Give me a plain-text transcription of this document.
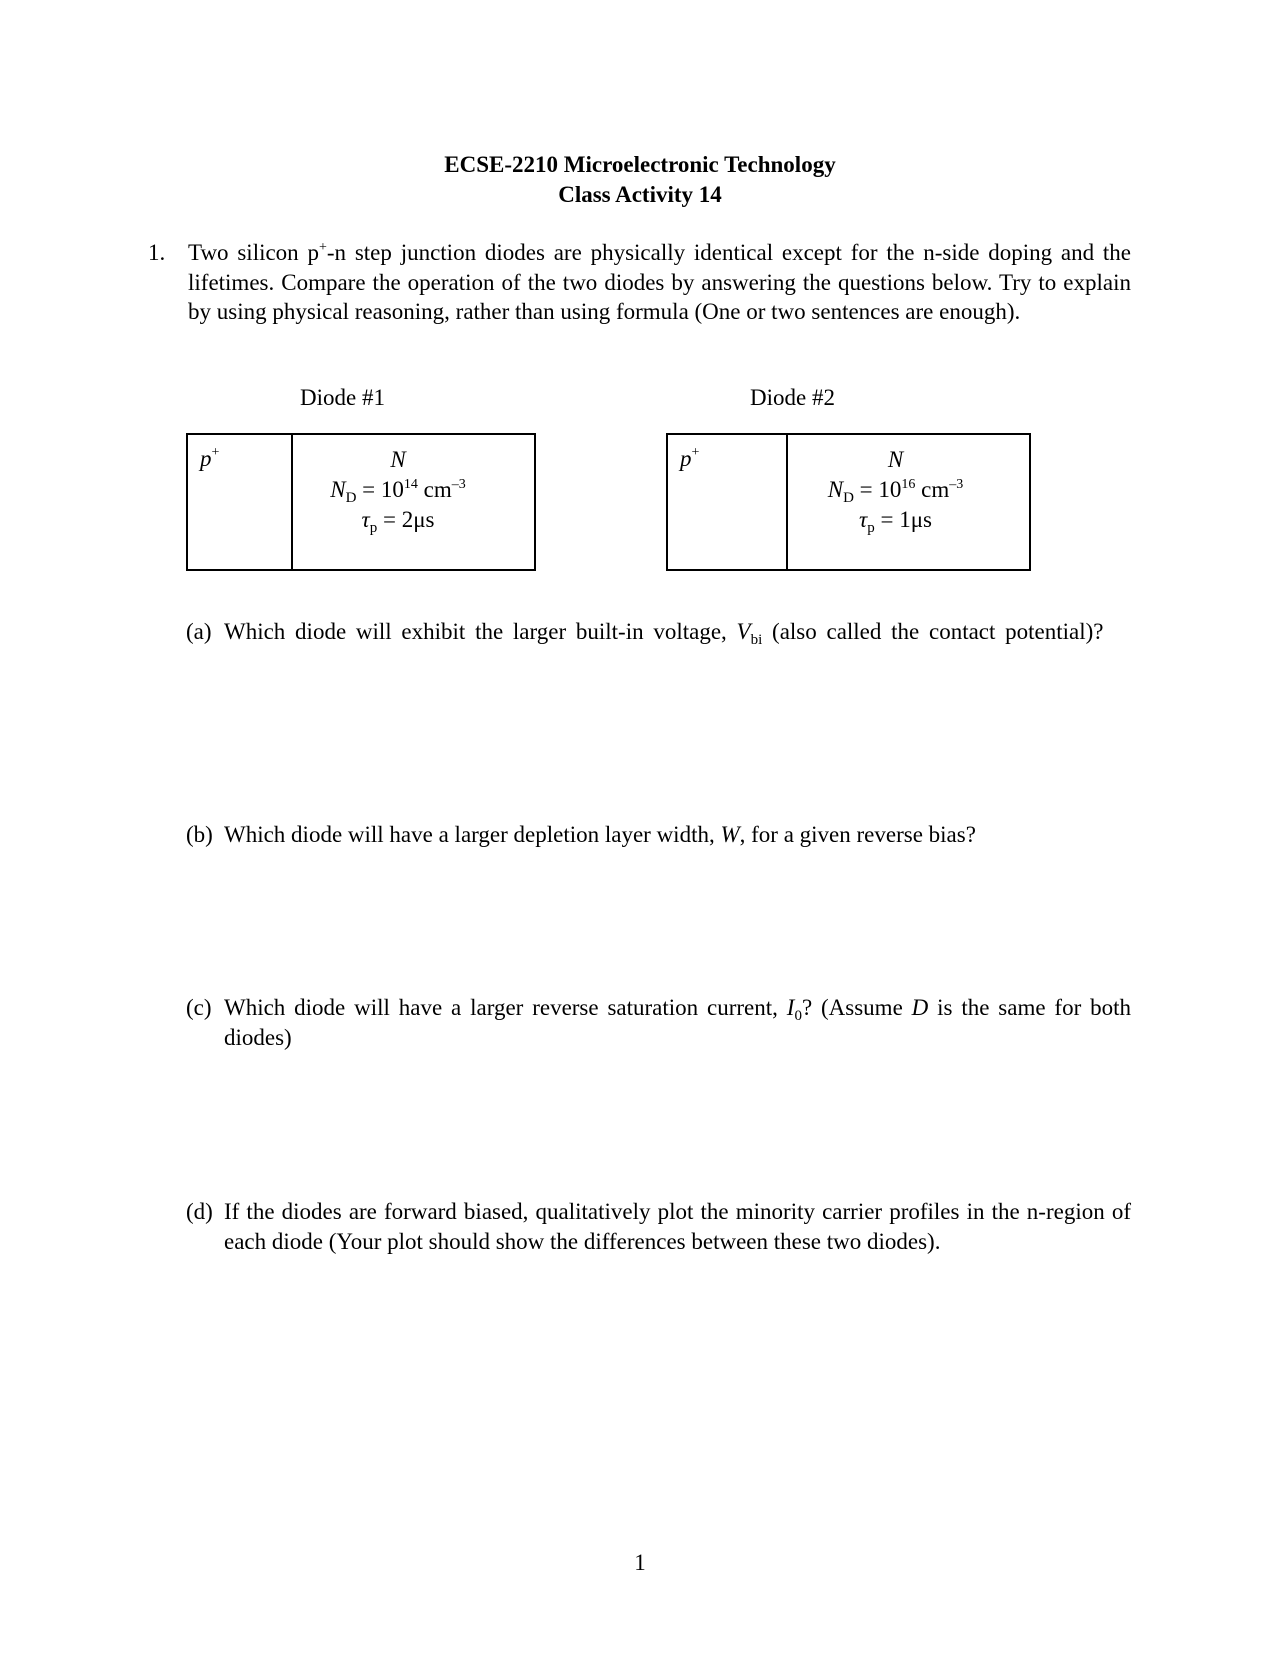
ECSE-2210 Microelectronic Technology
Class Activity 14
1. Two silicon p+-n step junction diodes are physically identical except for the n-side doping and the lifetimes. Compare the operation of the two diodes by answering the questions below. Try to explain by using physical reasoning, rather than using formula (One or two sentences are enough).
Diode #1	Diode #2
p+	N
$N_D = 10^{14}$ $cm^{-3}$
$\tau_p = 2\mu s$
p+	N
$N_D = 10^{16}$ $cm^{-3}$
$\tau_p = 1\mu s$
(a) Which diode will exhibit the larger built-in voltage, $V_{bi}$ (also called the contact potential)?
(b) Which diode will have a larger depletion layer width, W, for a given reverse bias?
(c) Which diode will have a larger reverse saturation current, $I_0$? (Assume D is the same for both diodes)
(d) If the diodes are forward biased, qualitatively plot the minority carrier profiles in the n-region of each diode (Your plot should show the differences between these two diodes).
1
